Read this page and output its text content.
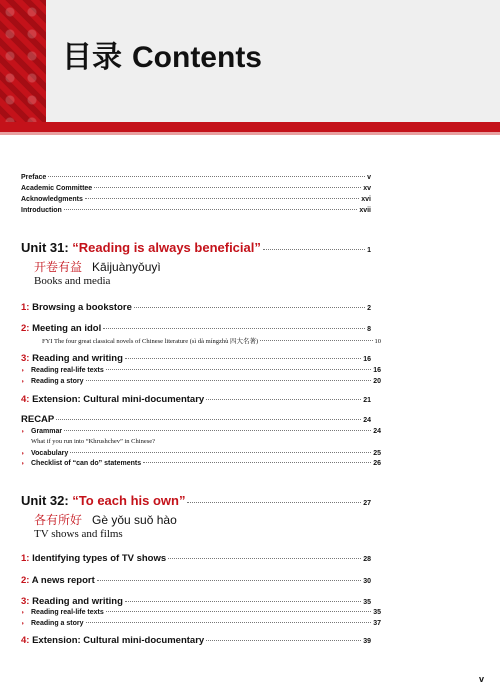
目录 Contents
Preface	v
Academic Committee	xv
Acknowledgments	xvi
Introduction	xvii
Unit 31: “Reading is always beneficial”	1
开卷有益 Kāijuànyǒuyì
Books and media
1: Browsing a bookstore	2
2: Meeting an idol	8
FYI The four great classical novels of Chinese literature (sì dà míngzhù 四大名著)	10
3: Reading and writing	16
◗ Reading real-life texts	16
◗ Reading a story	20
4: Extension: Cultural mini-documentary	21
RECAP	24
◗ Grammar	24
What if you run into “Khrushchev” in Chinese?
◗ Vocabulary	25
◗ Checklist of “can do” statements	26
Unit 32: “To each his own”	27
各有所好 Gè yǒu suǒ hào
TV shows and films
1: Identifying types of TV shows	28
2: A news report	30
3: Reading and writing	35
◗ Reading real-life texts	35
◗ Reading a story	37
4: Extension: Cultural mini-documentary	39
v
